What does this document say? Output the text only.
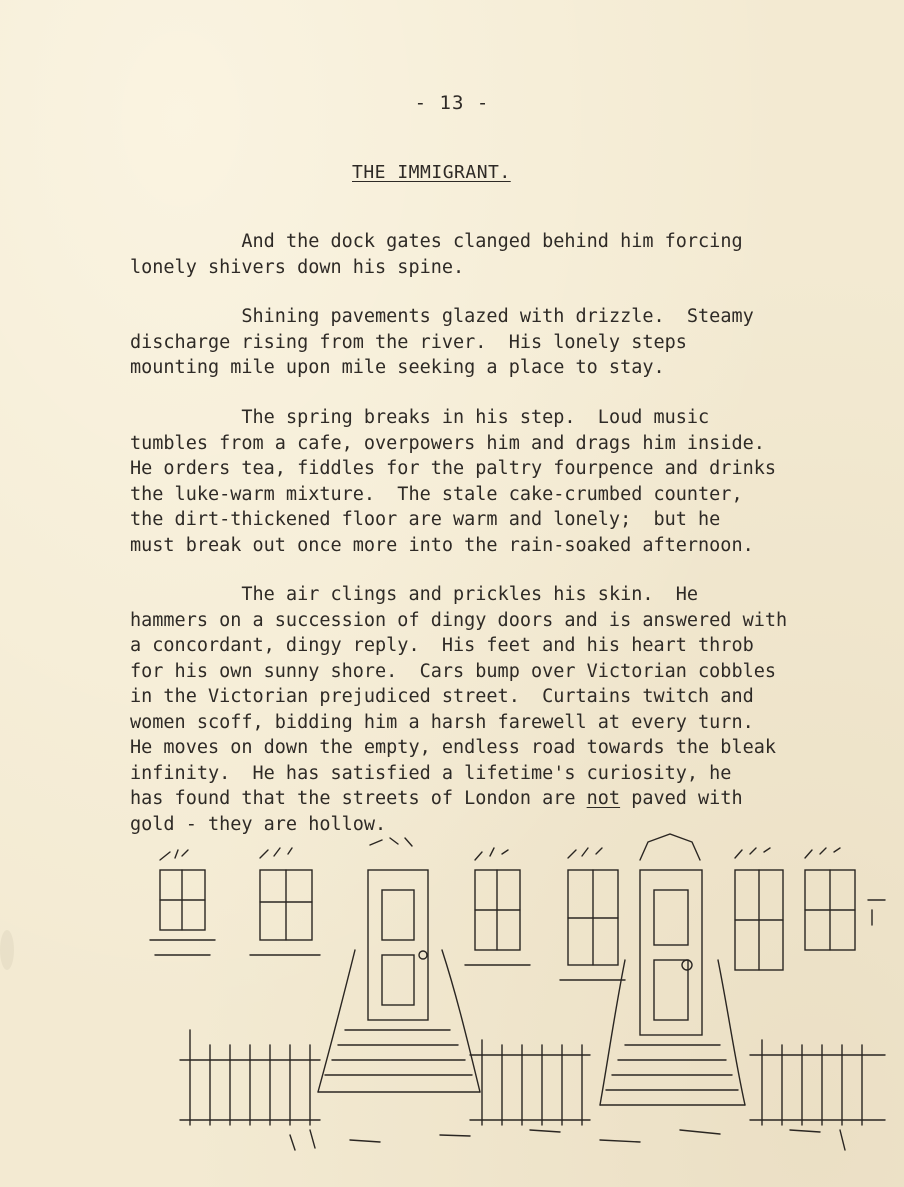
- 13 -
THE IMMIGRANT.
And the dock gates clanged behind him forcing
lonely shivers down his spine.
Shining pavements glazed with drizzle.  Steamy
discharge rising from the river.  His lonely steps
mounting mile upon mile seeking a place to stay.
The spring breaks in his step.  Loud music
tumbles from a cafe, overpowers him and drags him inside.
He orders tea, fiddles for the paltry fourpence and drinks
the luke-warm mixture.  The stale cake-crumbed counter,
the dirt-thickened floor are warm and lonely;  but he
must break out once more into the rain-soaked afternoon.
The air clings and prickles his skin.  He
hammers on a succession of dingy doors and is answered with
a concordant, dingy reply.  His feet and his heart throb
for his own sunny shore.  Cars bump over Victorian cobbles
in the Victorian prejudiced street.  Curtains twitch and
women scoff, bidding him a harsh farewell at every turn.
He moves on down the empty, endless road towards the bleak
infinity.  He has satisfied a lifetime's curiosity, he
has found that the streets of London are not paved with
gold - they are hollow.
